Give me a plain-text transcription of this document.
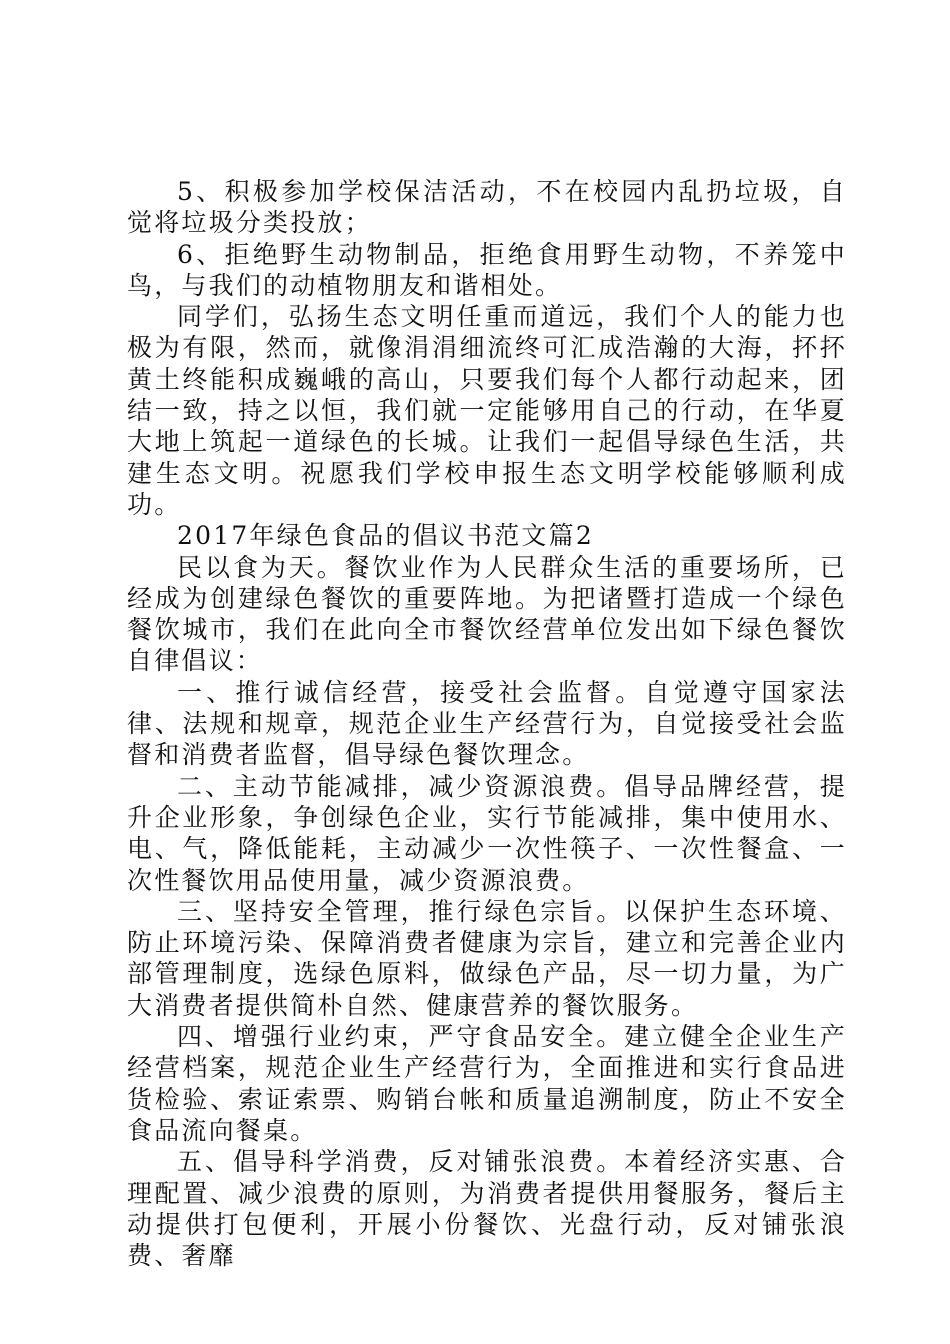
5、积极参加学校保洁活动，不在校园内乱扔垃圾，自觉将垃圾分类投放；

6、拒绝野生动物制品，拒绝食用野生动物，不养笼中鸟，与我们的动植物朋友和谐相处。

同学们，弘扬生态文明任重而道远，我们个人的能力也极为有限，然而，就像涓涓细流终可汇成浩瀚的大海，抔抔黄土终能积成巍峨的高山，只要我们每个人都行动起来，团结一致，持之以恒，我们就一定能够用自己的行动，在华夏大地上筑起一道绿色的长城。让我们一起倡导绿色生活，共建生态文明。祝愿我们学校申报生态文明学校能够顺利成功。

2017年绿色食品的倡议书范文篇2

民以食为天。餐饮业作为人民群众生活的重要场所，已经成为创建绿色餐饮的重要阵地。为把诸暨打造成一个绿色餐饮城市，我们在此向全市餐饮经营单位发出如下绿色餐饮自律倡议：

一、推行诚信经营，接受社会监督。自觉遵守国家法律、法规和规章，规范企业生产经营行为，自觉接受社会监督和消费者监督，倡导绿色餐饮理念。

二、主动节能减排，减少资源浪费。倡导品牌经营，提升企业形象，争创绿色企业，实行节能减排，集中使用水、电、气，降低能耗，主动减少一次性筷子、一次性餐盒、一次性餐饮用品使用量，减少资源浪费。

三、坚持安全管理，推行绿色宗旨。以保护生态环境、防止环境污染、保障消费者健康为宗旨，建立和完善企业内部管理制度，选绿色原料，做绿色产品，尽一切力量，为广大消费者提供简朴自然、健康营养的餐饮服务。

四、增强行业约束，严守食品安全。建立健全企业生产经营档案，规范企业生产经营行为，全面推进和实行食品进货检验、索证索票、购销台帐和质量追溯制度，防止不安全食品流向餐桌。

五、倡导科学消费，反对铺张浪费。本着经济实惠、合理配置、减少浪费的原则，为消费者提供用餐服务，餐后主动提供打包便利，开展小份餐饮、光盘行动，反对铺张浪费、奢靡
